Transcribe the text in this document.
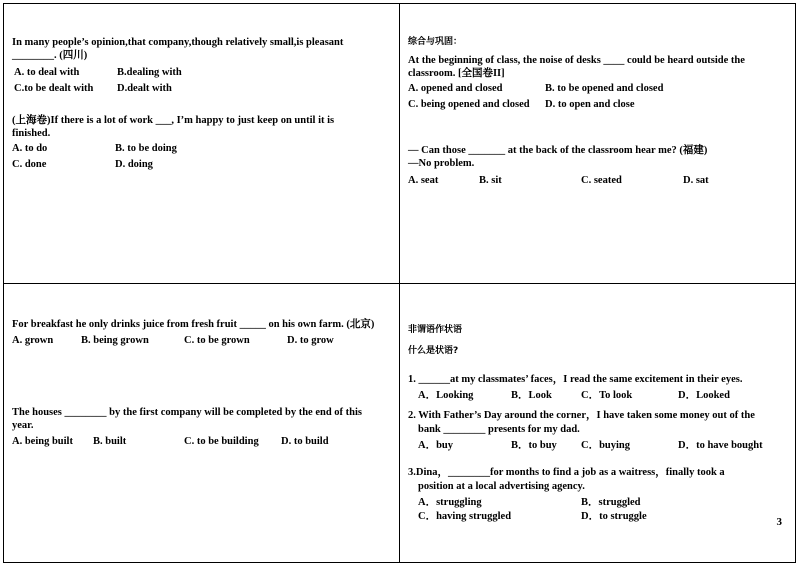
In many people’s opinion,that company,though relatively small,is pleasant ________. (四川)

A. to deal with	B.dealing with
C.to be dealt with	D.dealt with

(上海卷)If there is a lot of work ___, I’m happy to just keep on until it is finished.

A. to do	B. to be doing
C. done	D. doing

综合与巩固：

At the beginning of class, the noise of desks ____ could be heard outside the classroom. [全国卷II]

A. opened and closed	B. to be opened and closed
C. being opened and closed	D. to open and close

— Can those _______ at the back of the classroom hear me? (福建)

—No problem.

A. seat	B. sit	C. seated	D. sat

For breakfast he only drinks juice from fresh fruit _____ on his own farm. (北京)

A. grown	B. being grown	C. to be grown	D. to grow

The houses ________ by the first company will be completed by the end of this year.

A. being built	B. built	C. to be building	D. to build

非谓语作状语

什么是状语?

1. ______at my classmates’ faces，I read the same excitement in their eyes.

A．Looking	B．Look	C．To look	D．Looked

2. With Father’s Day around the corner，I have taken some money out of the

bank ________ presents for my dad.

A．buy	B．to buy	C．buying	D．to have bought

3.Dina，________for months to find a job as a waitress，finally took a

position at a local advertising agency.

A．struggling	B．struggled
C．having struggled	D．to struggle	3
